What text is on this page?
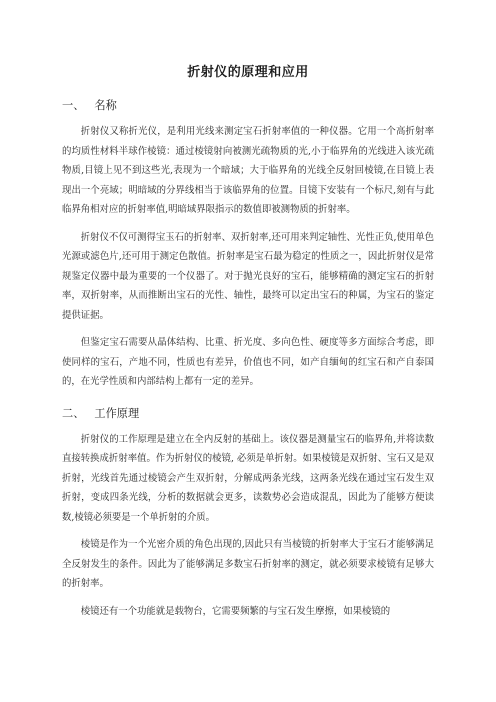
折射仪的原理和应用
一、 名称

折射仪又称折光仪，是利用光线来测定宝石折射率值的一种仪器。它用一个高折射率的均质性材料半球作棱镜：通过棱镜射向被测光疏物质的光,小于临界角的光线进入该光疏物质,目镜上见不到这些光,表现为一个暗域；大于临界角的光线全反射回棱镜,在目镜上表现出一个亮域；明暗域的分界线相当于该临界角的位置。目镜下安装有一个标尺,刻有与此临界角相对应的折射率值,明暗域界限指示的数值即被测物质的折射率。

折射仪不仅可测得宝玉石的折射率、双折射率,还可用来判定轴性、光性正负,使用单色光源或滤色片,还可用于测定色散值。折射率是宝石最为稳定的性质之一，因此折射仪是常规鉴定仪器中最为重要的一个仪器了。对于抛光良好的宝石，能够精确的测定宝石的折射率，双折射率，从而推断出宝石的光性、轴性，最终可以定出宝石的种属，为宝石的鉴定提供证据。

但鉴定宝石需要从晶体结构、比重、折光度、多向色性、硬度等多方面综合考虑，即使同样的宝石，产地不同，性质也有差异，价值也不同，如产自缅甸的红宝石和产自泰国的，在光学性质和内部结构上都有一定的差异。

二、 工作原理

折射仪的工作原理是建立在全内反射的基础上。该仪器是测量宝石的临界角,并将读数直接转换成折射率值。作为折射仪的棱镜, 必须是单折射。如果棱镜是双折射、宝石又是双折射，光线首先通过棱镜会产生双折射，分解成两条光线，这两条光线在通过宝石发生双折射，变成四条光线，分析的数据就会更多，读数势必会造成混乱，因此为了能够方便读数,棱镜必须要是一个单折射的介质。

棱镜是作为一个光密介质的角色出现的,因此只有当棱镜的折射率大于宝石才能够满足全反射发生的条件。因此为了能够满足多数宝石折射率的测定，就必须要求棱镜有足够大的折射率。

棱镜还有一个功能就是载物台，它需要频繁的与宝石发生摩擦，如果棱镜的
